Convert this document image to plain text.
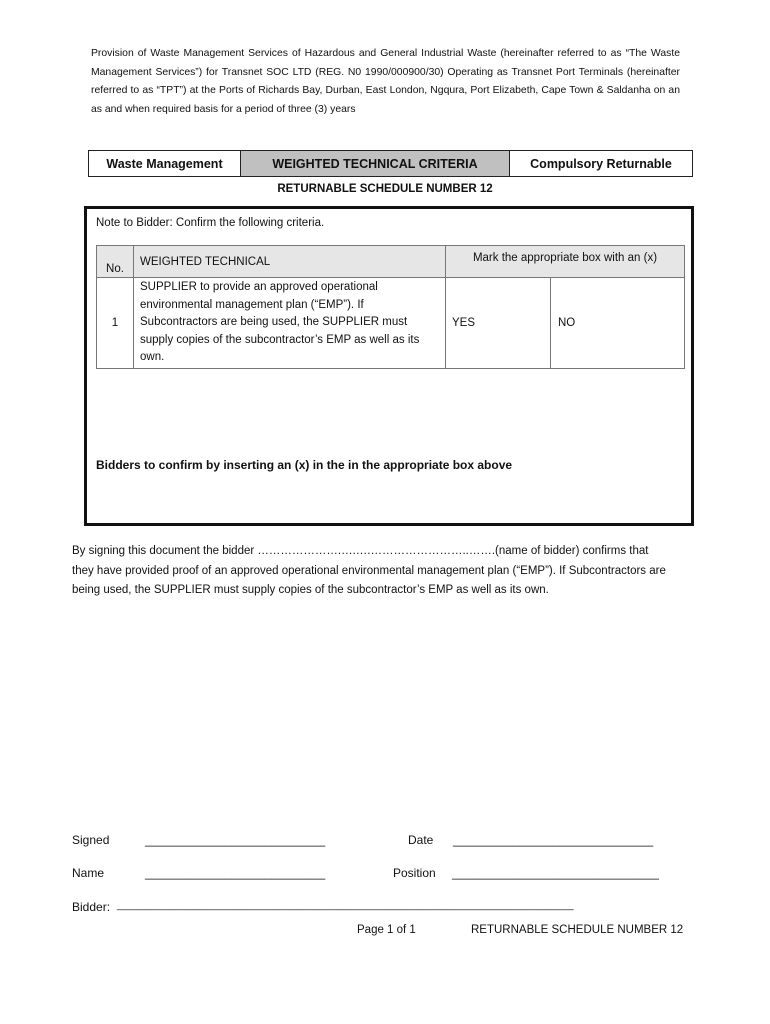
Provision of Waste Management Services of Hazardous and General Industrial Waste (hereinafter referred to as “The Waste Management Services”) for Transnet SOC LTD (REG. N0 1990/000900/30) Operating as Transnet Port Terminals (hereinafter referred to as “TPT”) at the Ports of Richards Bay, Durban, East London, Ngqura, Port Elizabeth, Cape Town & Saldanha on an as and when required basis for a period of three (3) years
Waste Management	WEIGHTED TECHNICAL CRITERIA	Compulsory Returnable
RETURNABLE SCHEDULE NUMBER 12
Note to Bidder: Confirm the following criteria.
No.	WEIGHTED TECHNICAL	Mark the appropriate box with an (x)	
1	SUPPLIER to provide an approved operational environmental management plan (“EMP”). If Subcontractors are being used, the SUPPLIER must supply copies of the subcontractor’s EMP as well as its own.	YES	NO
Bidders to confirm by inserting an (x) in the in the appropriate box above
By signing this document the bidder ………………….….….……………………..…….(name of bidder) confirms that they have provided proof of an approved operational environmental management plan (“EMP”). If Subcontractors are being used, the SUPPLIER must supply copies of the subcontractor’s EMP as well as its own.
Signed	___________________________	Date ______________________________
Name	___________________________	Position _______________________________
Bidder: _______________________________________________________________________________
Page 1 of 1	RETURNABLE SCHEDULE NUMBER 12
